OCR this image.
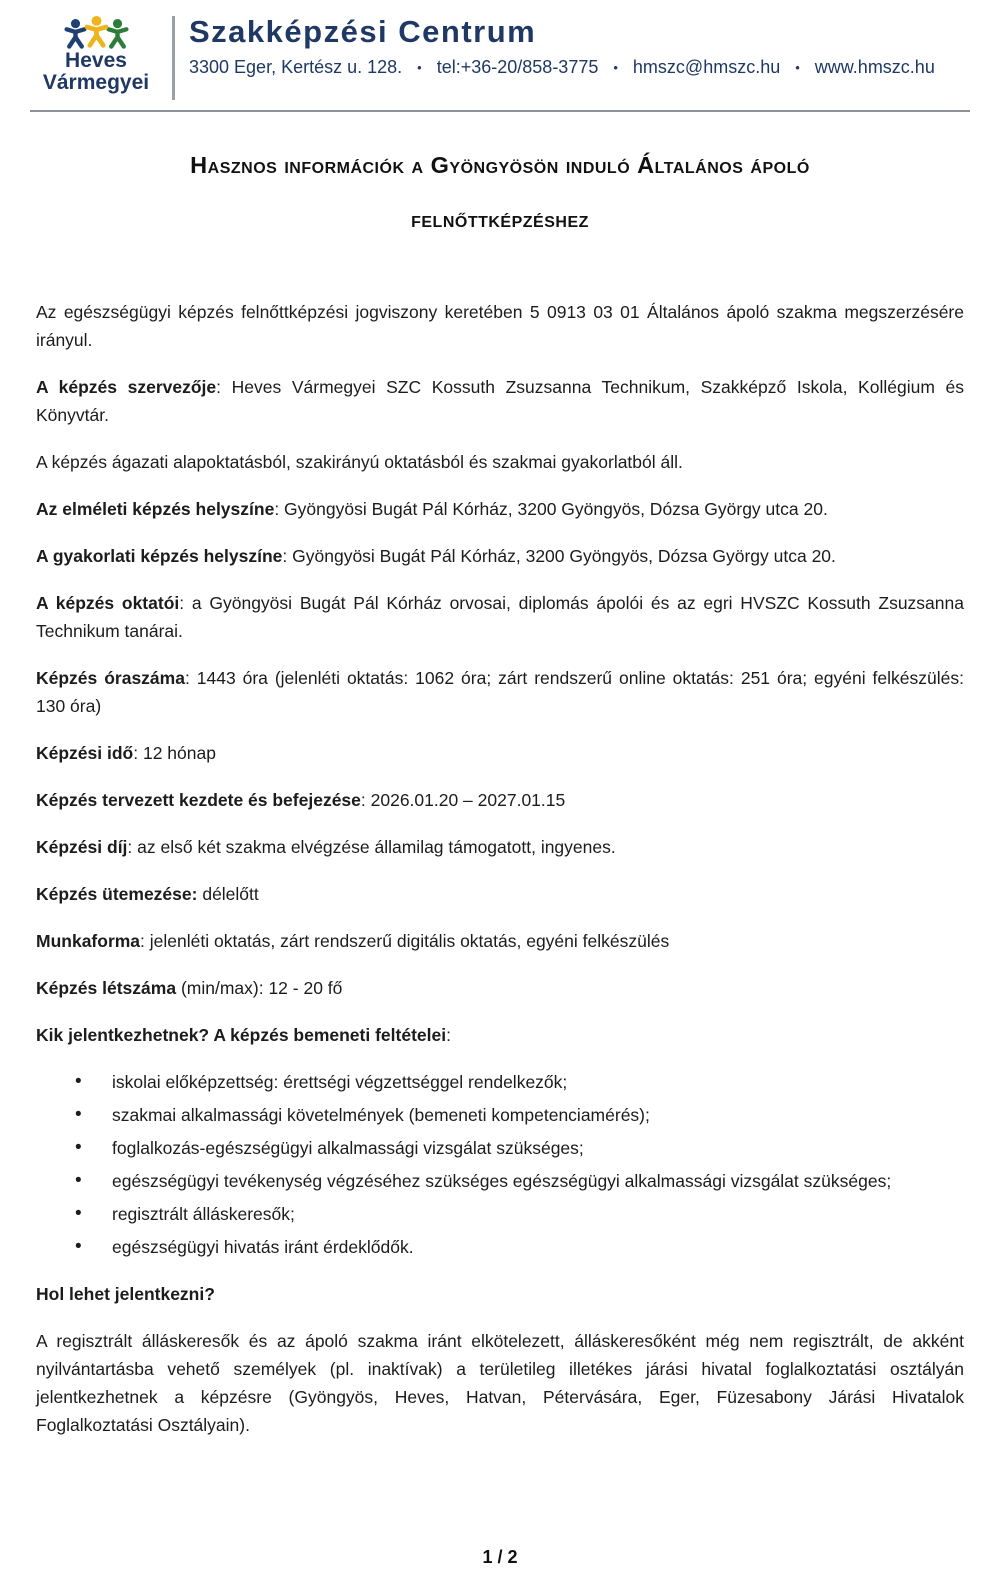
Heves
Vármegyei
Szakképzési Centrum
3300 Eger, Kertész u. 128. • tel:+36-20/858-3775 • hmszc@hmszc.hu • www.hmszc.hu
Hasznos információk a Gyöngyösön induló Általános ápoló
felnőttképzéshez

Az egészségügyi képzés felnőttképzési jogviszony keretében 5 0913 03 01 Általános ápoló szakma megszerzésére irányul.

A képzés szervezője: Heves Vármegyei SZC Kossuth Zsuzsanna Technikum, Szakképző Iskola, Kollégium és Könyvtár.

A képzés ágazati alapoktatásból, szakirányú oktatásból és szakmai gyakorlatból áll.

Az elméleti képzés helyszíne: Gyöngyösi Bugát Pál Kórház, 3200 Gyöngyös, Dózsa György utca 20.

A gyakorlati képzés helyszíne: Gyöngyösi Bugát Pál Kórház, 3200 Gyöngyös, Dózsa György utca 20.

A képzés oktatói: a Gyöngyösi Bugát Pál Kórház orvosai, diplomás ápolói és az egri HVSZC Kossuth Zsuzsanna Technikum tanárai.

Képzés óraszáma: 1443 óra (jelenléti oktatás: 1062 óra; zárt rendszerű online oktatás: 251 óra; egyéni felkészülés: 130 óra)

Képzési idő: 12 hónap

Képzés tervezett kezdete és befejezése: 2026.01.20 – 2027.01.15

Képzési díj: az első két szakma elvégzése államilag támogatott, ingyenes.

Képzés ütemezése: délelőtt

Munkaforma: jelenléti oktatás, zárt rendszerű digitális oktatás, egyéni felkészülés

Képzés létszáma (min/max): 12 - 20 fő

Kik jelentkezhetnek? A képzés bemeneti feltételei:

• iskolai előképzettség: érettségi végzettséggel rendelkezők;
• szakmai alkalmassági követelmények (bemeneti kompetenciamérés);
• foglalkozás-egészségügyi alkalmassági vizsgálat szükséges;
• egészségügyi tevékenység végzéséhez szükséges egészségügyi alkalmassági vizsgálat szükséges;
• regisztrált álláskeresők;
• egészségügyi hivatás iránt érdeklődők.

Hol lehet jelentkezni?

A regisztrált álláskeresők és az ápoló szakma iránt elkötelezett, álláskeresőként még nem regisztrált, de akként nyilvántartásba vehető személyek (pl. inaktívak) a területileg illetékes járási hivatal foglalkoztatási osztályán jelentkezhetnek a képzésre (Gyöngyös, Heves, Hatvan, Pétervására, Eger, Füzesabony Járási Hivatalok Foglalkoztatási Osztályain).

1 / 2
